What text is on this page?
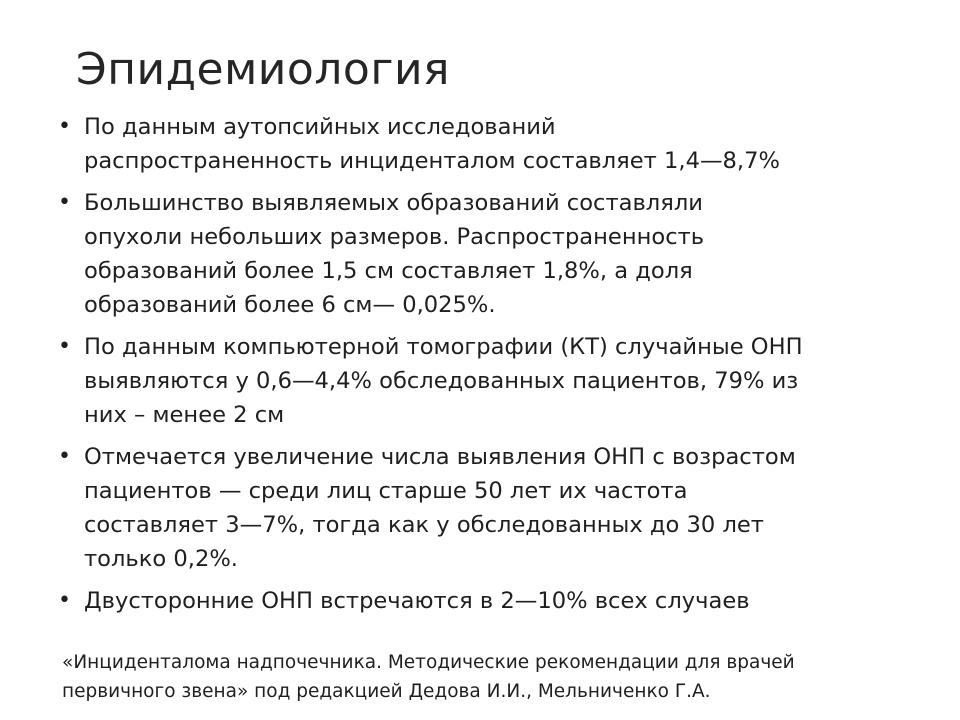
Эпидемиология
• По данным аутопсийных исследований
распространенность инциденталом составляет 1,4—8,7%
• Большинство выявляемых образований составляли
опухоли небольших размеров. Распространенность
образований более 1,5 см составляет 1,8%, а доля
образований более 6 см— 0,025%.
• По данным компьютерной томографии (КТ) случайные ОНП
выявляются у 0,6—4,4% обследованных пациентов, 79% из
них – менее 2 см
• Отмечается увеличение числа выявления ОНП с возрастом
пациентов — среди лиц старше 50 лет их частота
составляет 3—7%, тогда как у обследованных до 30 лет
только 0,2%.
• Двусторонние ОНП встречаются в 2—10% всех случаев
«Инциденталома надпочечника. Методические рекомендации для врачей
первичного звена» под редакцией Дедова И.И., Мельниченко Г.А.
